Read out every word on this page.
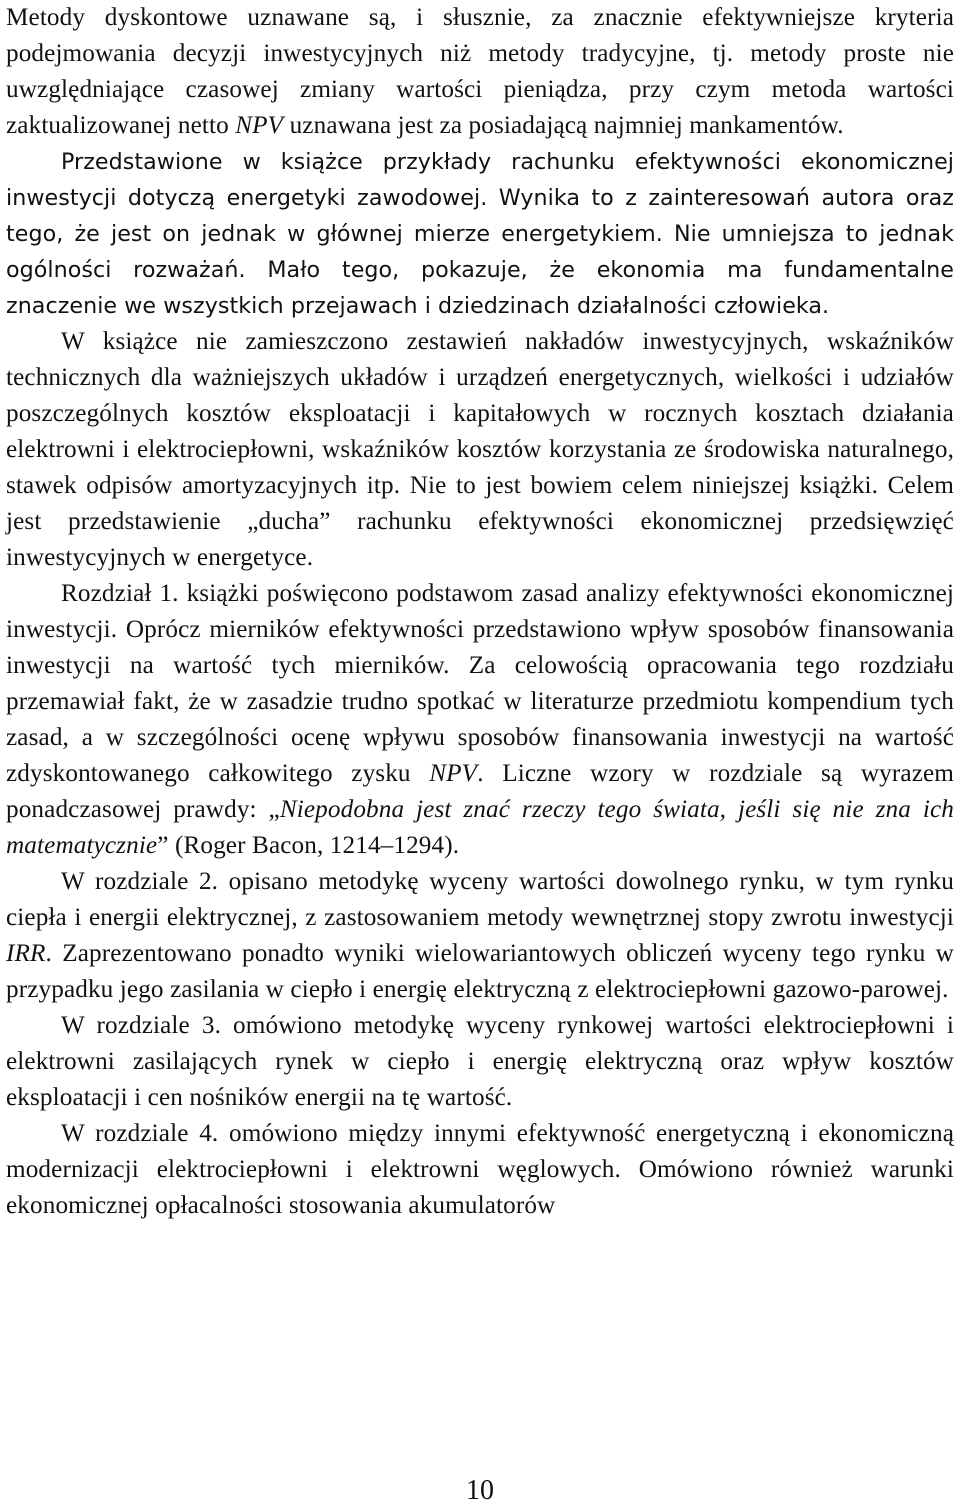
Metody dyskontowe uznawane są, i słusznie, za znacznie efektywniejsze kryteria podejmowania decyzji inwestycyjnych niż metody tradycyjne, tj. metody proste nie uwzględniające czasowej zmiany wartości pieniądza, przy czym metoda wartości zaktualizowanej netto NPV uznawana jest za posiadającą najmniej mankamentów.

Przedstawione w książce przykłady rachunku efektywności ekonomicznej inwestycji dotyczą energetyki zawodowej. Wynika to z zainteresowań autora oraz tego, że jest on jednak w głównej mierze energetykiem. Nie umniejsza to jednak ogólności rozważań. Mało tego, pokazuje, że ekonomia ma fundamentalne znaczenie we wszystkich przejawach i dziedzinach działalności człowieka.

W książce nie zamieszczono zestawień nakładów inwestycyjnych, wskaźników technicznych dla ważniejszych układów i urządzeń energetycznych, wielkości i udziałów poszczególnych kosztów eksploatacji i kapitałowych w rocznych kosztach działania elektrowni i elektrociepłowni, wskaźników kosztów korzystania ze środowiska naturalnego, stawek odpisów amortyzacyjnych itp. Nie to jest bowiem celem niniejszej książki. Celem jest przedstawienie „ducha” rachunku efektywności ekonomicznej przedsięwzięć inwestycyjnych w energetyce.

Rozdział 1. książki poświęcono podstawom zasad analizy efektywności ekonomicznej inwestycji. Oprócz mierników efektywności przedstawiono wpływ sposobów finansowania inwestycji na wartość tych mierników. Za celowością opracowania tego rozdziału przemawiał fakt, że w zasadzie trudno spotkać w literaturze przedmiotu kompendium tych zasad, a w szczególności ocenę wpływu sposobów finansowania inwestycji na wartość zdyskontowanego całkowitego zysku NPV. Liczne wzory w rozdziale są wyrazem ponadczasowej prawdy: „Niepodobna jest znać rzeczy tego świata, jeśli się nie zna ich matematycznie” (Roger Bacon, 1214–1294).

W rozdziale 2. opisano metodykę wyceny wartości dowolnego rynku, w tym rynku ciepła i energii elektrycznej, z zastosowaniem metody wewnętrznej stopy zwrotu inwestycji IRR. Zaprezentowano ponadto wyniki wielowariantowych obliczeń wyceny tego rynku w przypadku jego zasilania w ciepło i energię elektryczną z elektrociepłowni gazowo-parowej.

W rozdziale 3. omówiono metodykę wyceny rynkowej wartości elektrociepłowni i elektrowni zasilających rynek w ciepło i energię elektryczną oraz wpływ kosztów eksploatacji i cen nośników energii na tę wartość.

W rozdziale 4. omówiono między innymi efektywność energetyczną i ekonomiczną modernizacji elektrociepłowni i elektrowni węglowych. Omówiono również warunki ekonomicznej opłacalności stosowania akumulatorów

10
